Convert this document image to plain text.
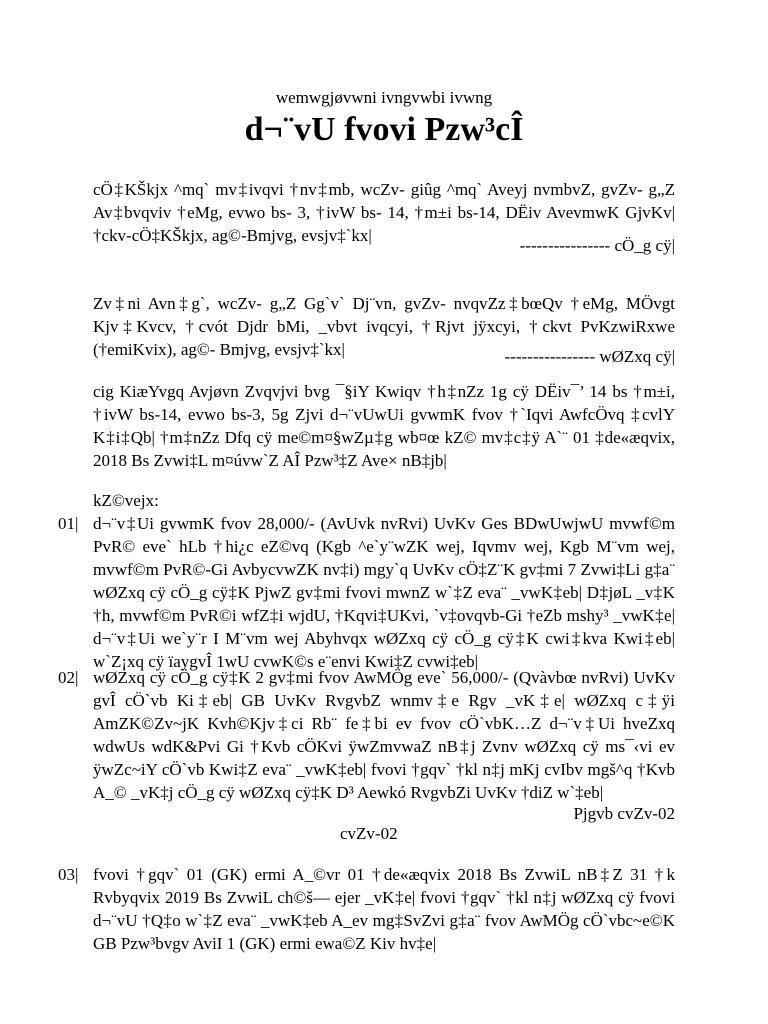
wemwgjøvwni ivngvwbi ivwng
d¬¨vU fvovi Pzw³cÎ
cÖ‡KŠkjx ^mq` mv‡ivqvi †nv‡mb, wcZv- giûg ^mq` Aveyj nvmbvZ, gvZv- g„Z Av‡bvqviv †eMg, evwo bs- 3, †ivW bs- 14, †m±i bs-14, DËiv AvevmwK GjvKv| †ckv-cÖ‡KŠkjx, ag©-Bmjvg, evsjv‡`kx|
---------------- cÖ_g cÿ|
Zv‡ni Avn‡g`, wcZv- g„Z Gg`v` Dj¨vn, gvZv- nvqvZz‡bœQv †eMg, MÖvgt Kjv‡Kvcv, †cvót Djdr bMi, _vbvt ivqcyi, †Rjvt jÿxcyi, †ckvt PvKzwiRxwe (†emiKvix), ag©- Bmjvg, evsjv‡`kx|	---------------- wØZxq cÿ|
cig KiæYvgq Avjøvn Zvqvjvi bvg ¯§iY Kwiqv †h‡nZz 1g cÿ DËiv¯’ 14 bs †m±i, †ivW bs-14, evwo bs-3, 5g Zjvi d¬¨vUwUi gvwmK fvov †`Iqvi AwfcÖvq ‡cvlY K‡i‡Qb| †m‡nZz Dfq cÿ me©m¤§wZµ‡g wb¤œ kZ© mv‡c‡ÿ A`¨ 01 ‡de«æqvix, 2018 Bs Zvwi‡L m¤úvw`Z AÎ Pzw³‡Z Ave× nB‡jb|
kZ©vejx:
01| d¬¨v‡Ui gvwmK fvov 28,000/- (AvUvk nvRvi) UvKv Ges BDwUwjwU mvwf©m PvR© eve` hLb †hi¿c eZ©vq (Kgb ^e`y¨wZK wej, Iqvmv wej, Kgb M¨vm wej, mvwf©m PvR©-Gi AvbycvwZK nv‡i) mgy`q UvKv cÖ‡Z¨K gv‡mi 7 Zvwi‡Li g‡a¨ wØZxq cÿ cÖ_g cÿ‡K PjwZ gv‡mi fvovi mwnZ w`‡Z eva¨ _vwK‡eb| D‡jøL _v‡K †h, mvwf©m PvR©i wfZ‡i wjdU, †Kqvi‡UKvi, `v‡ovqvb-Gi †eZb mshy³ _vwK‡e| d¬¨v‡Ui we`y¨r I M¨vm wej Abyhvqx wØZxq cÿ cÖ_g cÿ‡K cwi‡kva Kwi‡eb| w`Z¡xq cÿ ïaygvÎ 1wU cvwK©s e¨envi Kwi‡Z cvwi‡eb|
02| wØZxq cÿ cÖ_g cÿ‡K 2 gv‡mi fvov AwMÖg eve` 56,000/- (Qvàvbœ nvRvi) UvKv gvÎ cÖ`vb Ki‡eb| GB UvKv RvgvbZ wnmv‡e Rgv _vK‡e| wØZxq c‡ÿi AmZK©Zv~jK Kvh©Kjv‡ci Rb¨ fe‡bi ev fvov cÖ`vbK…Z d¬¨v‡Ui hveZxq wdwUs wdK&Pvi Gi †Kvb cÖKvi ÿwZmvwaZ nB‡j Zvnv wØZxq cÿ ms¯‹vi ev ÿwZc~iY cÖ`vb Kwi‡Z eva¨ _vwK‡eb| fvovi †gqv` †kl n‡j mKj cvIbv mgš^q †Kvb A_© _vK‡j cÖ_g cÿ wØZxq cÿ‡K D³ Aewkó RvgvbZi UvKv †diZ w`‡eb|
Pjgvb cvZv-02
cvZv-02
03| fvovi †gqv` 01 (GK) ermi A_©vr 01 †de«æqvix 2018 Bs ZvwiL nB‡Z 31 †k Rvbyqvix 2019 Bs ZvwiL ch©š— ejer _vK‡e| fvovi †gqv` †kl n‡j wØZxq cÿ fvovi d¬¨vU †Q‡o w`‡Z eva¨ _vwK‡eb A_ev mg‡SvZvi g‡a¨ fvov AwMÖg cÖ`vbc~e©K GB Pzw³bvgv AviI 1 (GK) ermi ewa©Z Kiv hv‡e|
